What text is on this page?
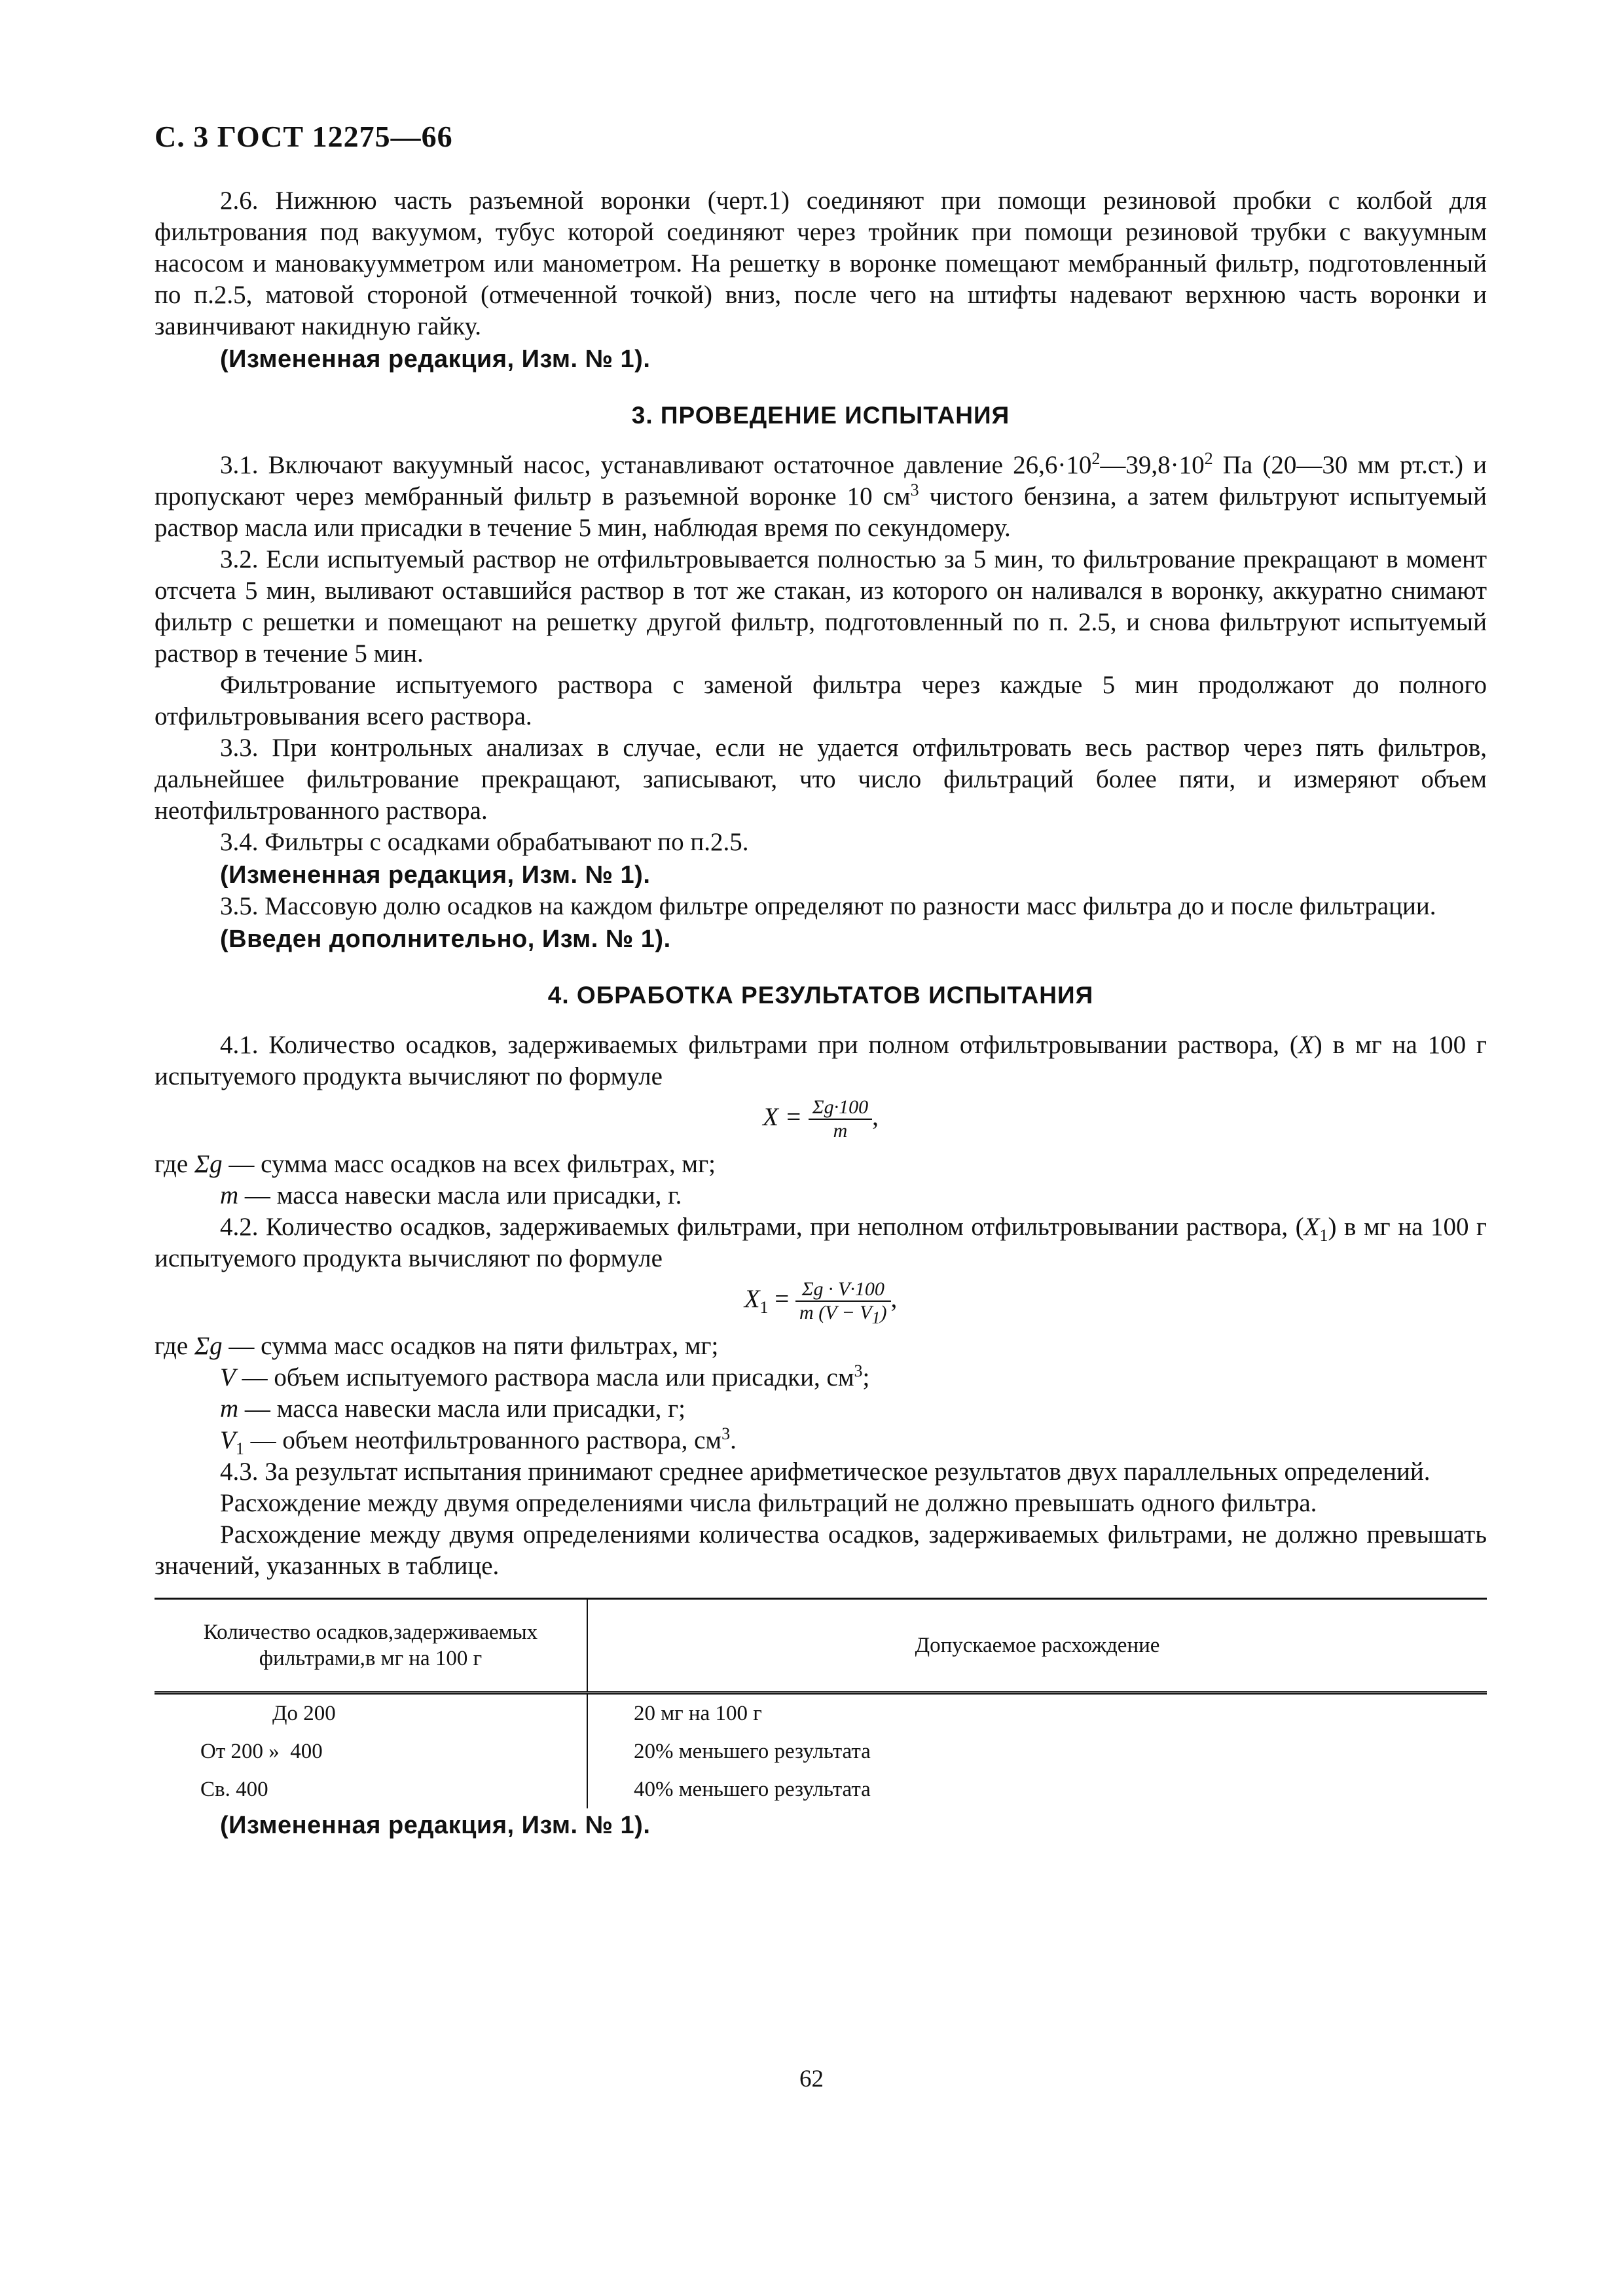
С. 3 ГОСТ 12275—66

2.6. Нижнюю часть разъемной воронки (черт.1) соединяют при помощи резиновой пробки с колбой для фильтрования под вакуумом, тубус которой соединяют через тройник при помощи резиновой трубки с вакуумным насосом и мановакуумметром или манометром. На решетку в воронке помещают мембранный фильтр, подготовленный по п.2.5, матовой стороной (отмеченной точкой) вниз, после чего на штифты надевают верхнюю часть воронки и завинчивают накидную гайку.

(Измененная редакция, Изм. № 1).
3. ПРОВЕДЕНИЕ ИСПЫТАНИЯ

3.1. Включают вакуумный насос, устанавливают остаточное давление $26,6\cdot 10^2—39,8\cdot 10^2$ Па (20—30 мм рт.ст.) и пропускают через мембранный фильтр в разъемной воронке 10 $см^3$ чистого бензина, а затем фильтруют испытуемый раствор масла или присадки в течение 5 мин, наблюдая время по секундомеру.

3.2. Если испытуемый раствор не отфильтровывается полностью за 5 мин, то фильтрование прекращают в момент отсчета 5 мин, выливают оставшийся раствор в тот же стакан, из которого он наливался в воронку, аккуратно снимают фильтр с решетки и помещают на решетку другой фильтр, подготовленный по п. 2.5, и снова фильтруют испытуемый раствор в течение 5 мин.

Фильтрование испытуемого раствора с заменой фильтра через каждые 5 мин продолжают до полного отфильтровывания всего раствора.

3.3. При контрольных анализах в случае, если не удается отфильтровать весь раствор через пять фильтров, дальнейшее фильтрование прекращают, записывают, что число фильтраций более пяти, и измеряют объем неотфильтрованного раствора.

3.4. Фильтры с осадками обрабатывают по п.2.5.

(Измененная редакция, Изм. № 1).

3.5. Массовую долю осадков на каждом фильтре определяют по разности масс фильтра до и после фильтрации.

(Введен дополнительно, Изм. № 1).
4. ОБРАБОТКА РЕЗУЛЬТАТОВ ИСПЫТАНИЯ

4.1. Количество осадков, задерживаемых фильтрами при полном отфильтровывании раствора, (X) в мг на 100 г испытуемого продукта вычисляют по формуле

$X = \frac{\Sigma g\cdot 100}{m}$ ,

где Σg — сумма масс осадков на всех фильтрах, мг;

m — масса навески масла или присадки, г.

4.2. Количество осадков, задерживаемых фильтрами, при неполном отфильтровывании раствора, $(X_1)$ в мг на 100 г испытуемого продукта вычисляют по формуле

$X_1 = \frac{\Sigma g \cdot V\cdot 100}{m (V - V_1)}$ ,

где Σg — сумма масс осадков на пяти фильтрах, мг;

V — объем испытуемого раствора масла или присадки, $см^3$;

m — масса навески масла или присадки, г;

$V_1$ — объем неотфильтрованного раствора, $см^3$.

4.3. За результат испытания принимают среднее арифметическое результатов двух параллельных определений.

Расхождение между двумя определениями числа фильтраций не должно превышать одного фильтра.

Расхождение между двумя определениями количества осадков, задерживаемых фильтрами, не должно превышать значений, указанных в таблице.

Количество осадков,задерживаемых фильтрами,в мг на 100 г	Допускаемое расхождение
До 200	20 мг на 100 г
От 200 »  400	20% меньшего результата
Св. 400	40% меньшего результата
(Измененная редакция, Изм. № 1).
62
